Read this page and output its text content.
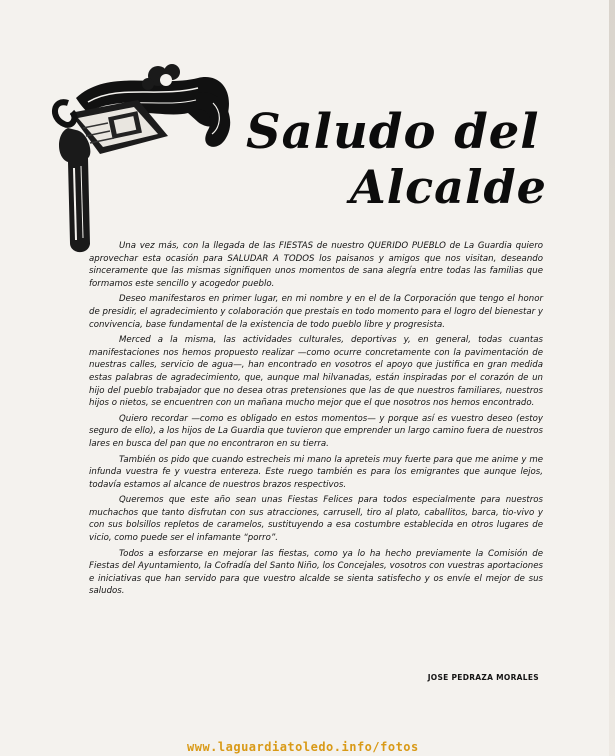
Saludo del
Alcalde

Una vez más, con la llegada de las FIESTAS de nuestro QUERIDO PUEBLO de La Guardia quiero aprovechar esta ocasión para SALUDAR A TODOS los paisanos y amigos que nos visitan, deseando sinceramente que las mismas signifiquen unos momentos de sana alegría entre todas las familias que formamos este sencillo y acogedor pueblo.

Deseo manifestaros en primer lugar, en mi nombre y en el de la Corporación que tengo el honor de presidir, el agradecimiento y colaboración que prestais en todo momento para el logro del bienestar y convivencia, base fundamental de la existencia de todo pueblo libre y progresista.

Merced a la misma, las actividades culturales, deportivas y, en general, todas cuantas manifestaciones nos hemos propuesto realizar —como ocurre concretamente con la pavimentación de nuestras calles, servicio de agua—, han encontrado en vosotros el apoyo que justifica en gran medida estas palabras de agradecimiento, que, aunque mal hilvanadas, están inspiradas por el corazón de un hijo del pueblo trabajador que no desea otras pretensiones que las de que nuestros familiares, nuestros hijos o nietos, se encuentren con un mañana mucho mejor que el que nosotros nos hemos encontrado.

Quiero recordar —como es obligado en estos momentos— y porque así es vuestro deseo (estoy seguro de ello), a los hijos de La Guardia que tuvieron que emprender un largo camino fuera de nuestros lares en busca del pan que no encontraron en su tierra.

También os pido que cuando estrecheis mi mano la apreteis muy fuerte para que me anime y me infunda vuestra fe y vuestra entereza. Este ruego también es para los emigrantes que aunque lejos, todavía estamos al alcance de nuestros brazos respectivos.

Queremos que este año sean unas Fiestas Felices para todos especialmente para nuestros muchachos que tanto disfrutan con sus atracciones, carrusell, tiro al plato, caballitos, barca, tio-vivo y con sus bolsillos repletos de caramelos, sustituyendo a esa costumbre establecida en otros lugares de vicio, como puede ser el infamante “porro”.

Todos a esforzarse en mejorar las fiestas, como ya lo ha hecho previamente la Comisión de Fiestas del Ayuntamiento, la Cofradía del Santo Niño, los Concejales, vosotros con vuestras aportaciones e iniciativas que han servido para que vuestro alcalde se sienta satisfecho y os envíe el mejor de sus saludos.

JOSE PEDRAZA MORALES
www.laguardiatoledo.info/fotos
